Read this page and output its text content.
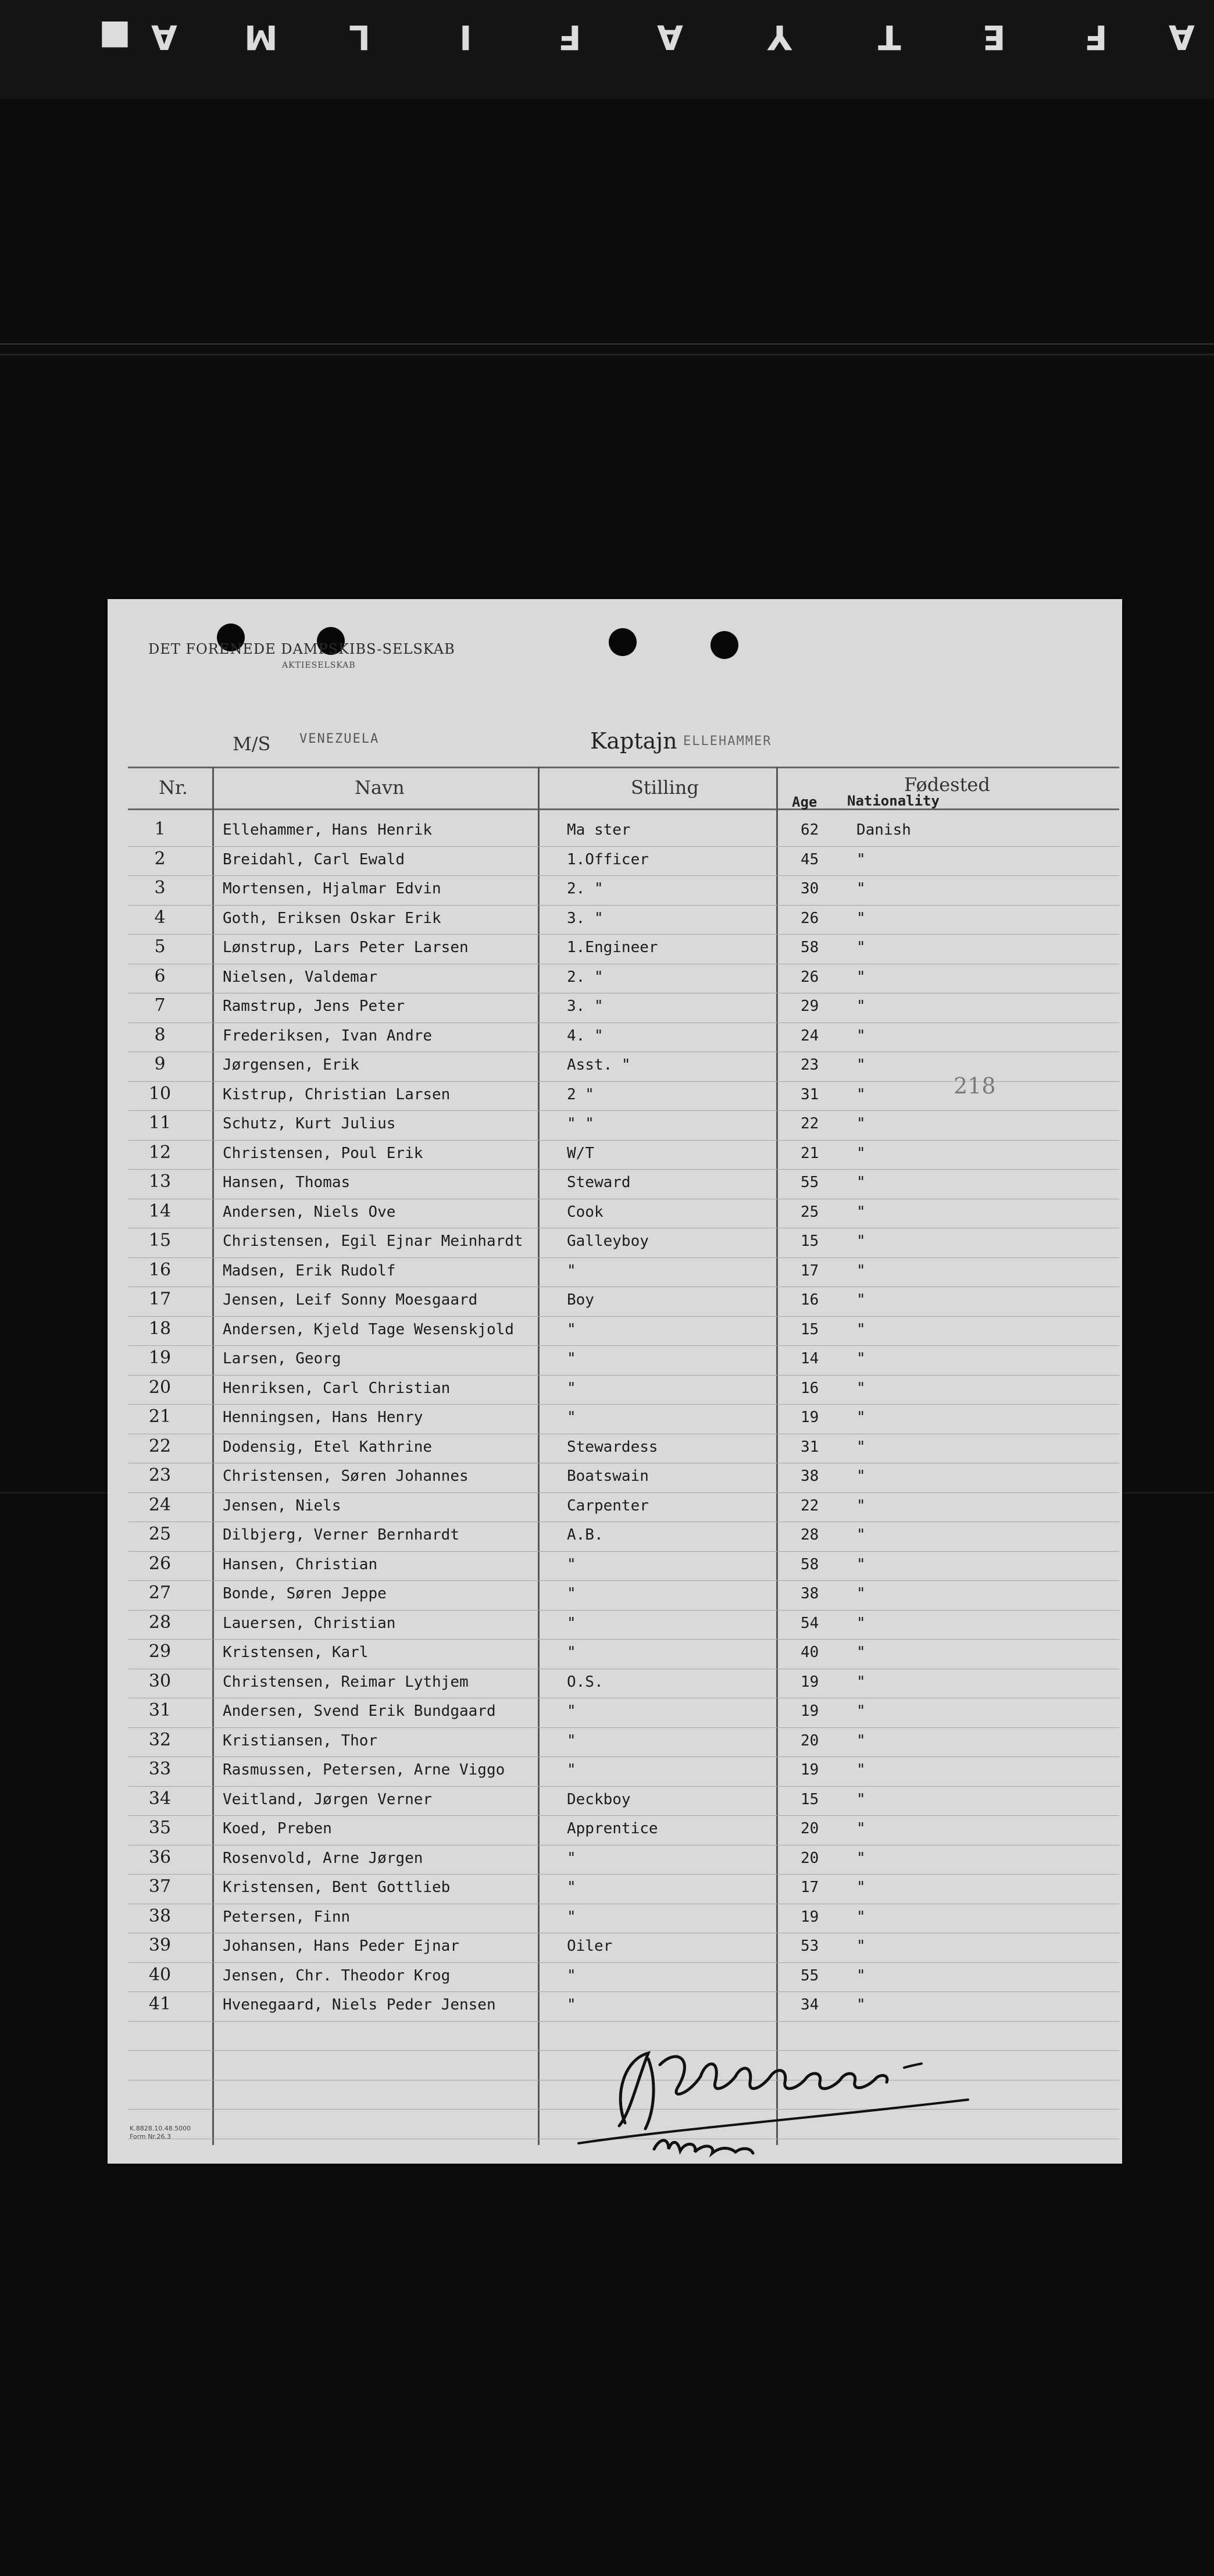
A
F
E
T
Y
A
F
I
L
M
A
■
DET FORENEDE DAMPSKIBS-SELSKAB
AKTIESELSKAB
M/S VENEZUELA	Kaptajn ELLEHAMMER
Nr.	Navn	Stilling	Fødested
Age Nationality
1	Ellehammer, Hans Henrik	Ma ster	62 Danish
2	Breidahl, Carl Ewald	1.Officer	45 "
3	Mortensen, Hjalmar Edvin	2. "	30 "
4	Goth, Eriksen Oskar Erik	3. "	26 "
5	Lønstrup, Lars Peter Larsen	1.Engineer	58 "
6	Nielsen, Valdemar	2. "	26 "
7	Ramstrup, Jens Peter	3. "	29 "
8	Frederiksen, Ivan Andre	4. "	24 "
9	Jørgensen, Erik	Asst. "	23 "
10	Kistrup, Christian Larsen	2 "	31 "
11	Schutz, Kurt Julius	" "	22 "
12	Christensen, Poul Erik	W/T	21 "
13	Hansen, Thomas	Steward	55 "
14	Andersen, Niels Ove	Cook	25 "
15	Christensen, Egil Ejnar Meinhardt	Galleyboy	15 "
16	Madsen, Erik Rudolf	"	17 "
17	Jensen, Leif Sonny Moesgaard	Boy	16 "
18	Andersen, Kjeld Tage Wesenskjold	"	15 "
19	Larsen, Georg	"	14 "
20	Henriksen, Carl Christian	"	16 "
21	Henningsen, Hans Henry	"	19 "
22	Dodensig, Etel Kathrine	Stewardess	31 "
23	Christensen, Søren Johannes	Boatswain	38 "
24	Jensen, Niels	Carpenter	22 "
25	Dilbjerg, Verner Bernhardt	A.B.	28 "
26	Hansen, Christian	"	58 "
27	Bonde, Søren Jeppe	"	38 "
28	Lauersen, Christian	"	54 "
29	Kristensen, Karl	"	40 "
30	Christensen, Reimar Lythjem	O.S.	19 "
31	Andersen, Svend Erik Bundgaard	"	19 "
32	Kristiansen, Thor	"	20 "
33	Rasmussen, Petersen, Arne Viggo	"	19 "
34	Veitland, Jørgen Verner	Deckboy	15 "
35	Koed, Preben	Apprentice	20 "
36	Rosenvold, Arne Jørgen	"	20 "
37	Kristensen, Bent Gottlieb	"	17 "
38	Petersen, Finn	"	19 "
39	Johansen, Hans Peder Ejnar	Oiler	53 "
40	Jensen, Chr. Theodor Krog	"	55 "
41	Hvenegaard, Niels Peder Jensen	"	34 "
218
K.8828.10.48.5000
Form Nr.26.3
